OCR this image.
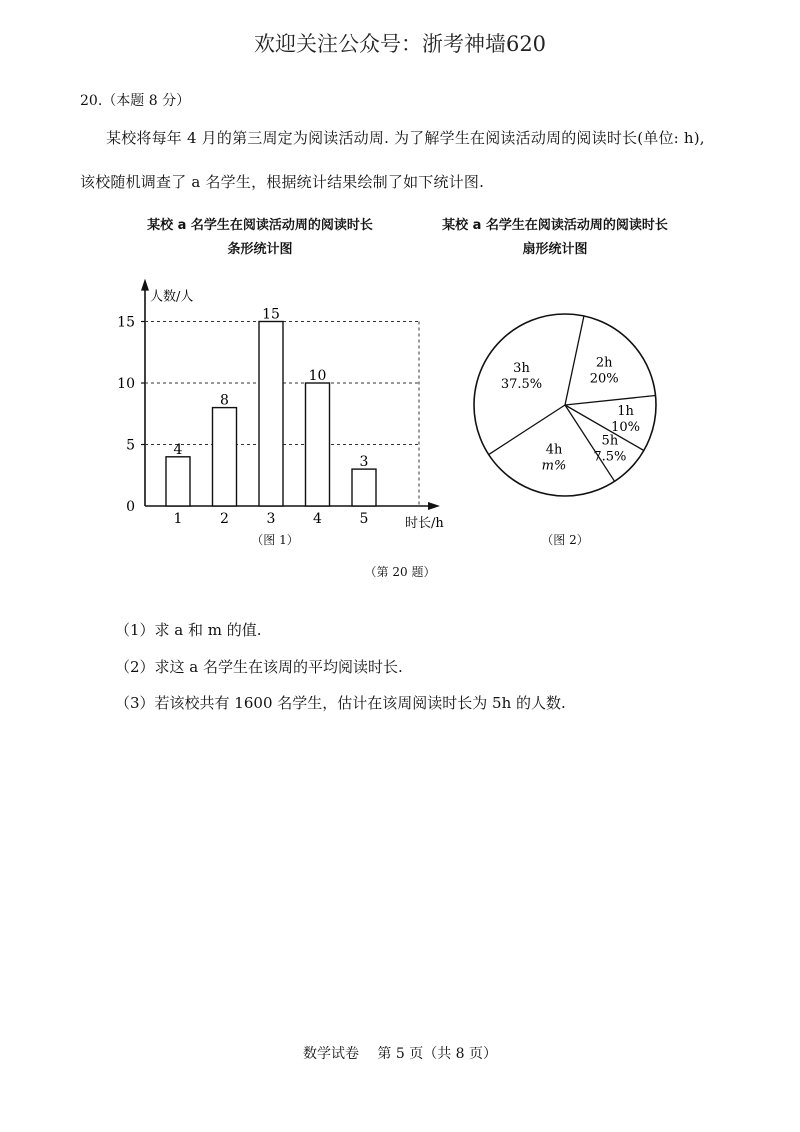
欢迎关注公众号：浙考神墙620
20.（本题 8 分）
某校将每年 4 月的第三周定为阅读活动周. 为了解学生在阅读活动周的阅读时长(单位: h),
该校随机调查了 a 名学生，根据统计结果绘制了如下统计图.
某校 a 名学生在阅读活动周的阅读时长
条形统计图
某校 a 名学生在阅读活动周的阅读时长
扇形统计图
人数/人
时长/h
0
5
10
15
4
1
8
2
15
3
10
4
3
5
2h
20%
1h
10%
5h
7.5%
4h
m%
3h
37.5%
（图 1）	（图 2）
（第 20 题）
（1）求 a 和 m 的值.
（2）求这 a 名学生在该周的平均阅读时长.
（3）若该校共有 1600 名学生，估计在该周阅读时长为 5h 的人数.
数学试卷　 第 5 页（共 8 页）
